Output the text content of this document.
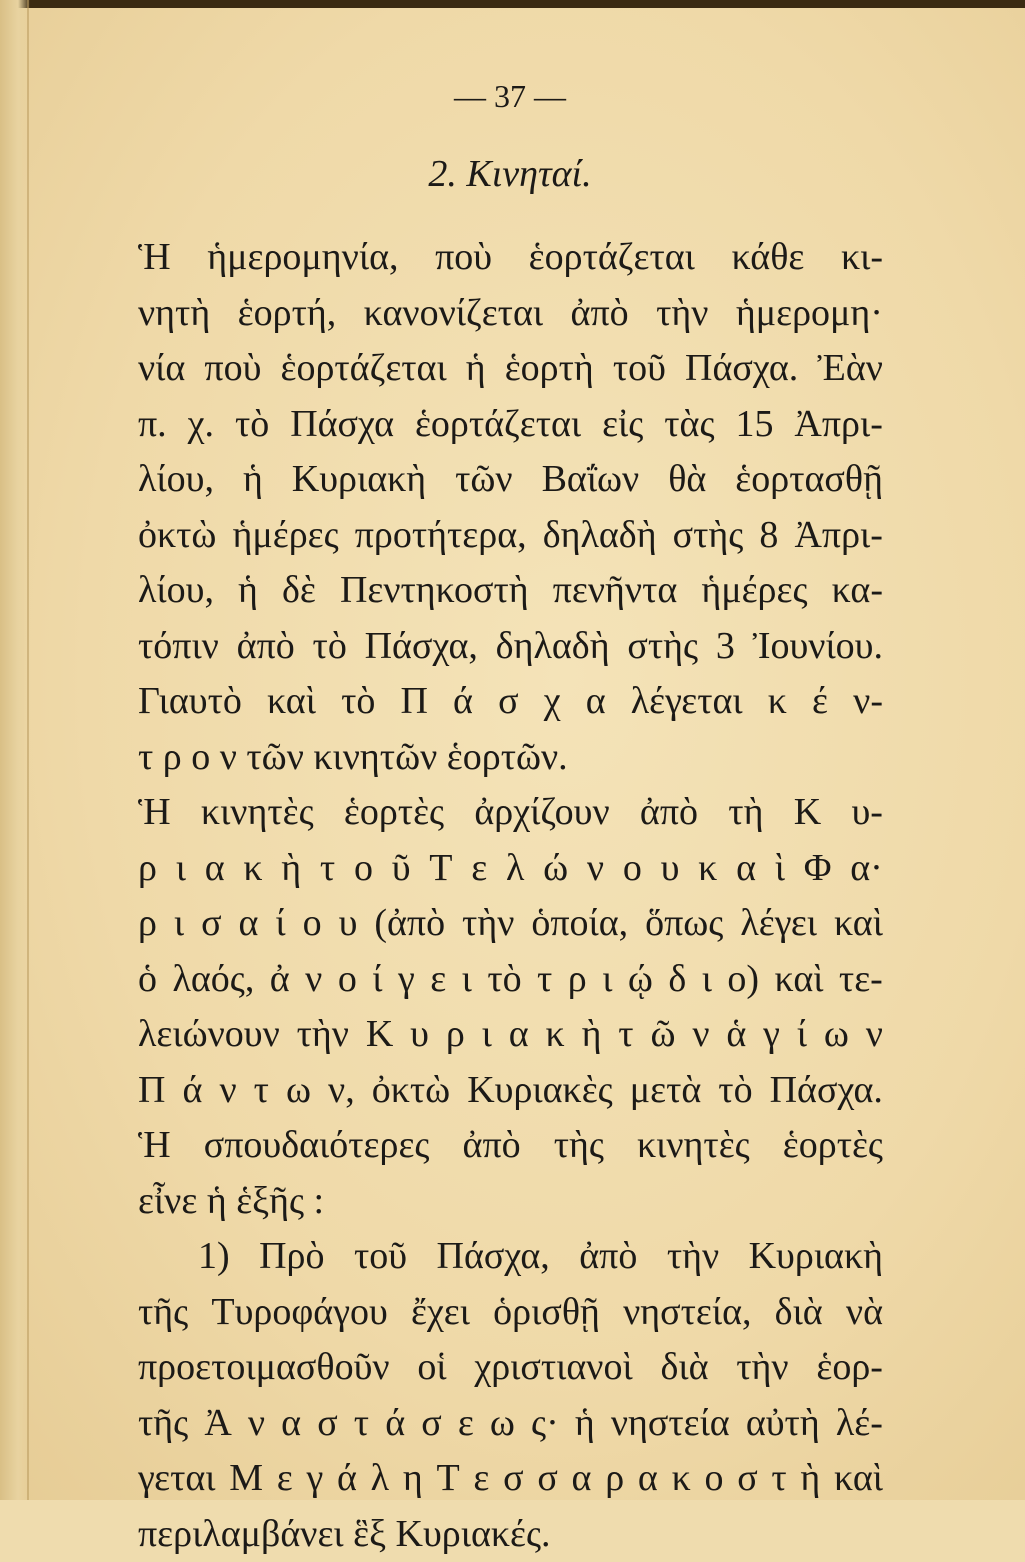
— 37 —

2. Κινηταί.

Ἡ ἡμερομηνία, ποὺ ἑορτάζεται κάθε κι-
νητὴ ἑορτή, κανονίζεται ἀπὸ τὴν ἡμερομη·
νία ποὺ ἑορτάζεται ἡ ἑορτὴ τοῦ Πάσχα. Ἐὰν
π. χ. τὸ Πάσχα ἑορτάζεται εἰς τὰς 15 Ἀπρι-
λίου, ἡ Κυριακὴ τῶν Βαΐων θὰ ἑορτασθῇ
ὀκτὼ ἡμέρες προτήτερα, δηλαδὴ στὴς 8 Ἀπρι-
λίου, ἡ δὲ Πεντηκοστὴ πενῆντα ἡμέρες κα-
τόπιν ἀπὸ τὸ Πάσχα, δηλαδὴ στὴς 3 Ἰουνίου.
Γιαυτὸ καὶ τὸ Π ά σ χ α λέγεται κ έ ν-
τ ρ ο ν τῶν κινητῶν ἑορτῶν.
Ἡ κινητὲς ἑορτὲς ἀρχίζουν ἀπὸ τὴ Κ υ-
ρ ι α κ ὴ τ ο ῦ Τ ε λ ώ ν ο υ κ α ὶ Φ α·
ρ ι σ α ί ο υ (ἀπὸ τὴν ὁποία, ὅπως λέγει καὶ
ὁ λαός, ἀ ν ο ί γ ε ι τὸ τ ρ ι ῴ δ ι ο) καὶ τε-
λειώνουν τὴν Κ υ ρ ι α κ ὴ τ ῶ ν ἁ γ ί ω ν
Π ά ν τ ω ν, ὀκτὼ Κυριακὲς μετὰ τὸ Πάσχα.
Ἡ σπουδαιότερες ἀπὸ τὴς κινητὲς ἑορτὲς
εἶνε ἡ ἑξῆς :
1) Πρὸ τοῦ Πάσχα, ἀπὸ τὴν Κυριακὴ
τῆς Τυροφάγου ἔχει ὁρισθῇ νηστεία, διὰ νὰ
προετοιμασθοῦν οἱ χριστιανοὶ διὰ τὴν ἑορ-
τῆς Ἀ ν α σ τ ά σ ε ω ς· ἡ νηστεία αὐτὴ λέ-
γεται Μ ε γ ά λ η Τ ε σ σ α ρ α κ ο σ τ ὴ καὶ
περιλαμβάνει ἓξ Κυριακές.
